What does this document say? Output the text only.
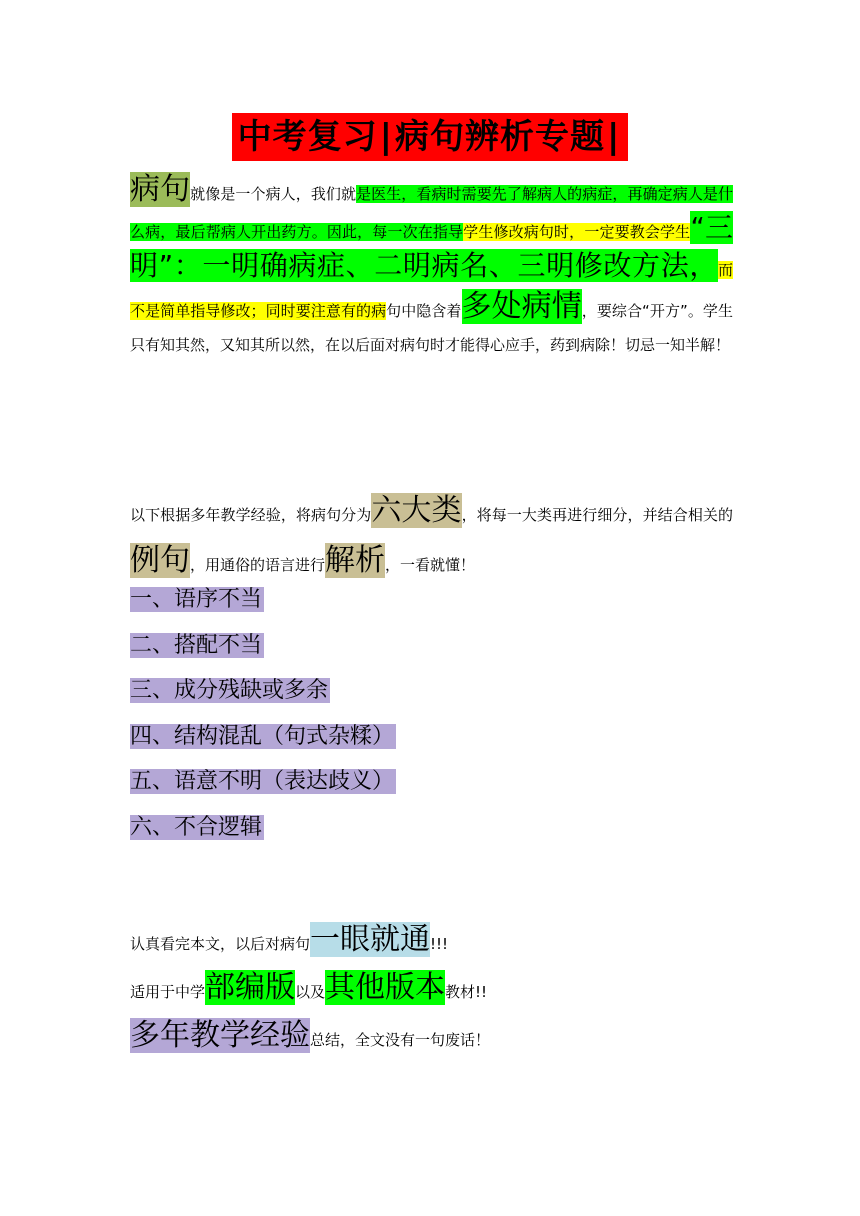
中考复习|病句辨析专题|
病句就像是一个病人，我们就是医生，看病时需要先了解病人的病症，再确定病人是什么病，最后帮病人开出药方。因此，每一次在指导学生修改病句时，一定要教会学生“三明”：一明确病症、二明病名、三明修改方法，而不是简单指导修改；同时要注意有的病句中隐含着多处病情，要综合“开方”。学生只有知其然，又知其所以然，在以后面对病句时才能得心应手，药到病除！切忌一知半解！
以下根据多年教学经验，将病句分为六大类，将每一大类再进行细分，并结合相关的例句，用通俗的语言进行解析，一看就懂！
一、语序不当
二、搭配不当
三、成分残缺或多余
四、结构混乱（句式杂糅）
五、语意不明（表达歧义）
六、不合逻辑
认真看完本文，以后对病句一眼就通!!!
适用于中学部编版以及其他版本教材!!
多年教学经验总结，全文没有一句废话！
